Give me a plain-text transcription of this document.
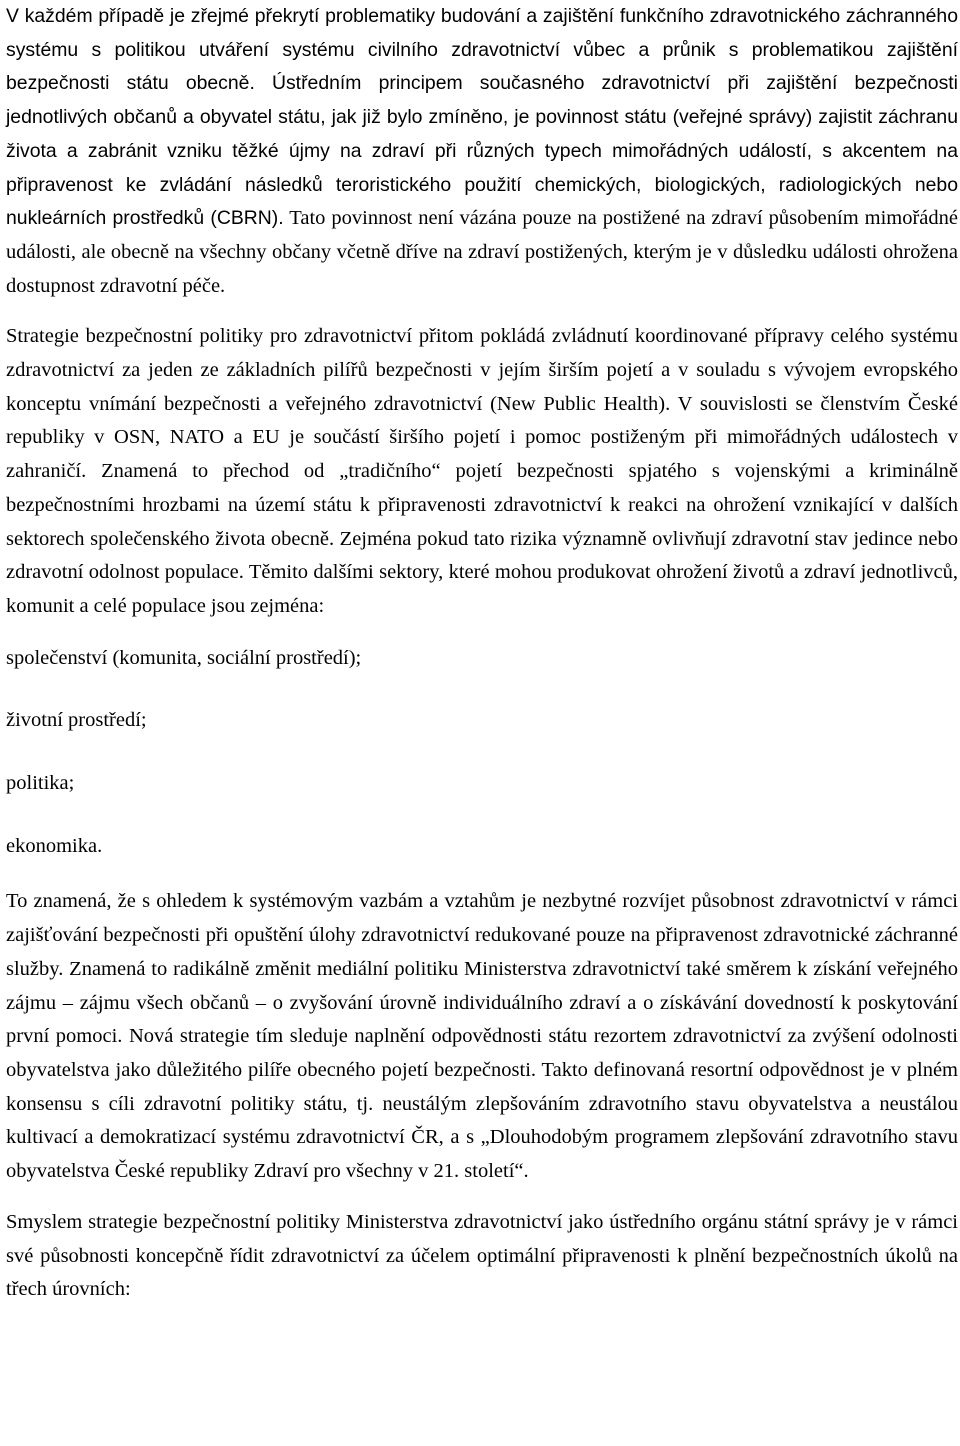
V každém případě je zřejmé překrytí problematiky budování a zajištění funkčního zdravotnického záchranného systému s politikou utváření systému civilního zdravotnictví vůbec a průnik s problematikou zajištění bezpečnosti státu obecně. Ústředním principem současného zdravotnictví při zajištění bezpečnosti jednotlivých občanů a obyvatel státu, jak již bylo zmíněno, je povinnost státu (veřejné správy) zajistit záchranu života a zabránit vzniku těžké újmy na zdraví při různých typech mimořádných událostí, s akcentem na připravenost ke zvládání následků teroristického použití chemických, biologických, radiologických nebo nukleárních prostředků (CBRN). Tato povinnost není vázána pouze na postižené na zdraví působením mimořádné události, ale obecně na všechny občany včetně dříve na zdraví postižených, kterým je v důsledku události ohrožena dostupnost zdravotní péče.

Strategie bezpečnostní politiky pro zdravotnictví přitom pokládá zvládnutí koordinované přípravy celého systému zdravotnictví za jeden ze základních pilířů bezpečnosti v jejím širším pojetí a v souladu s vývojem evropského konceptu vnímání bezpečnosti a veřejného zdravotnictví (New Public Health). V souvislosti se členstvím České republiky v OSN, NATO a EU je součástí širšího pojetí i pomoc postiženým při mimořádných událostech v zahraničí. Znamená to přechod od „tradičního“ pojetí bezpečnosti spjatého s vojenskými a kriminálně bezpečnostními hrozbami na území státu k připravenosti zdravotnictví k reakci na ohrožení vznikající v dalších sektorech společenského života obecně. Zejména pokud tato rizika významně ovlivňují zdravotní stav jedince nebo zdravotní odolnost populace. Těmito dalšími sektory, které mohou produkovat ohrožení životů a zdraví jednotlivců, komunit a celé populace jsou zejména:

společenství (komunita, sociální prostředí);

životní prostředí;

politika;

ekonomika.

To znamená, že s ohledem k systémovým vazbám a vztahům je nezbytné rozvíjet působnost zdravotnictví v rámci zajišťování bezpečnosti při opuštění úlohy zdravotnictví redukované pouze na připravenost zdravotnické záchranné služby. Znamená to radikálně změnit mediální politiku Ministerstva zdravotnictví také směrem k získání veřejného zájmu – zájmu všech občanů – o zvyšování úrovně individuálního zdraví a o získávání dovedností k poskytování první pomoci. Nová strategie tím sleduje naplnění odpovědnosti státu rezortem zdravotnictví za zvýšení odolnosti obyvatelstva jako důležitého pilíře obecného pojetí bezpečnosti. Takto definovaná resortní odpovědnost je v plném konsensu s cíli zdravotní politiky státu, tj. neustálým zlepšováním zdravotního stavu obyvatelstva a neustálou kultivací a demokratizací systému zdravotnictví ČR, a s „Dlouhodobým programem zlepšování zdravotního stavu obyvatelstva České republiky Zdraví pro všechny v 21. století“.

Smyslem strategie bezpečnostní politiky Ministerstva zdravotnictví jako ústředního orgánu státní správy je v rámci své působnosti koncepčně řídit zdravotnictví za účelem optimální připravenosti k plnění bezpečnostních úkolů na třech úrovních:
